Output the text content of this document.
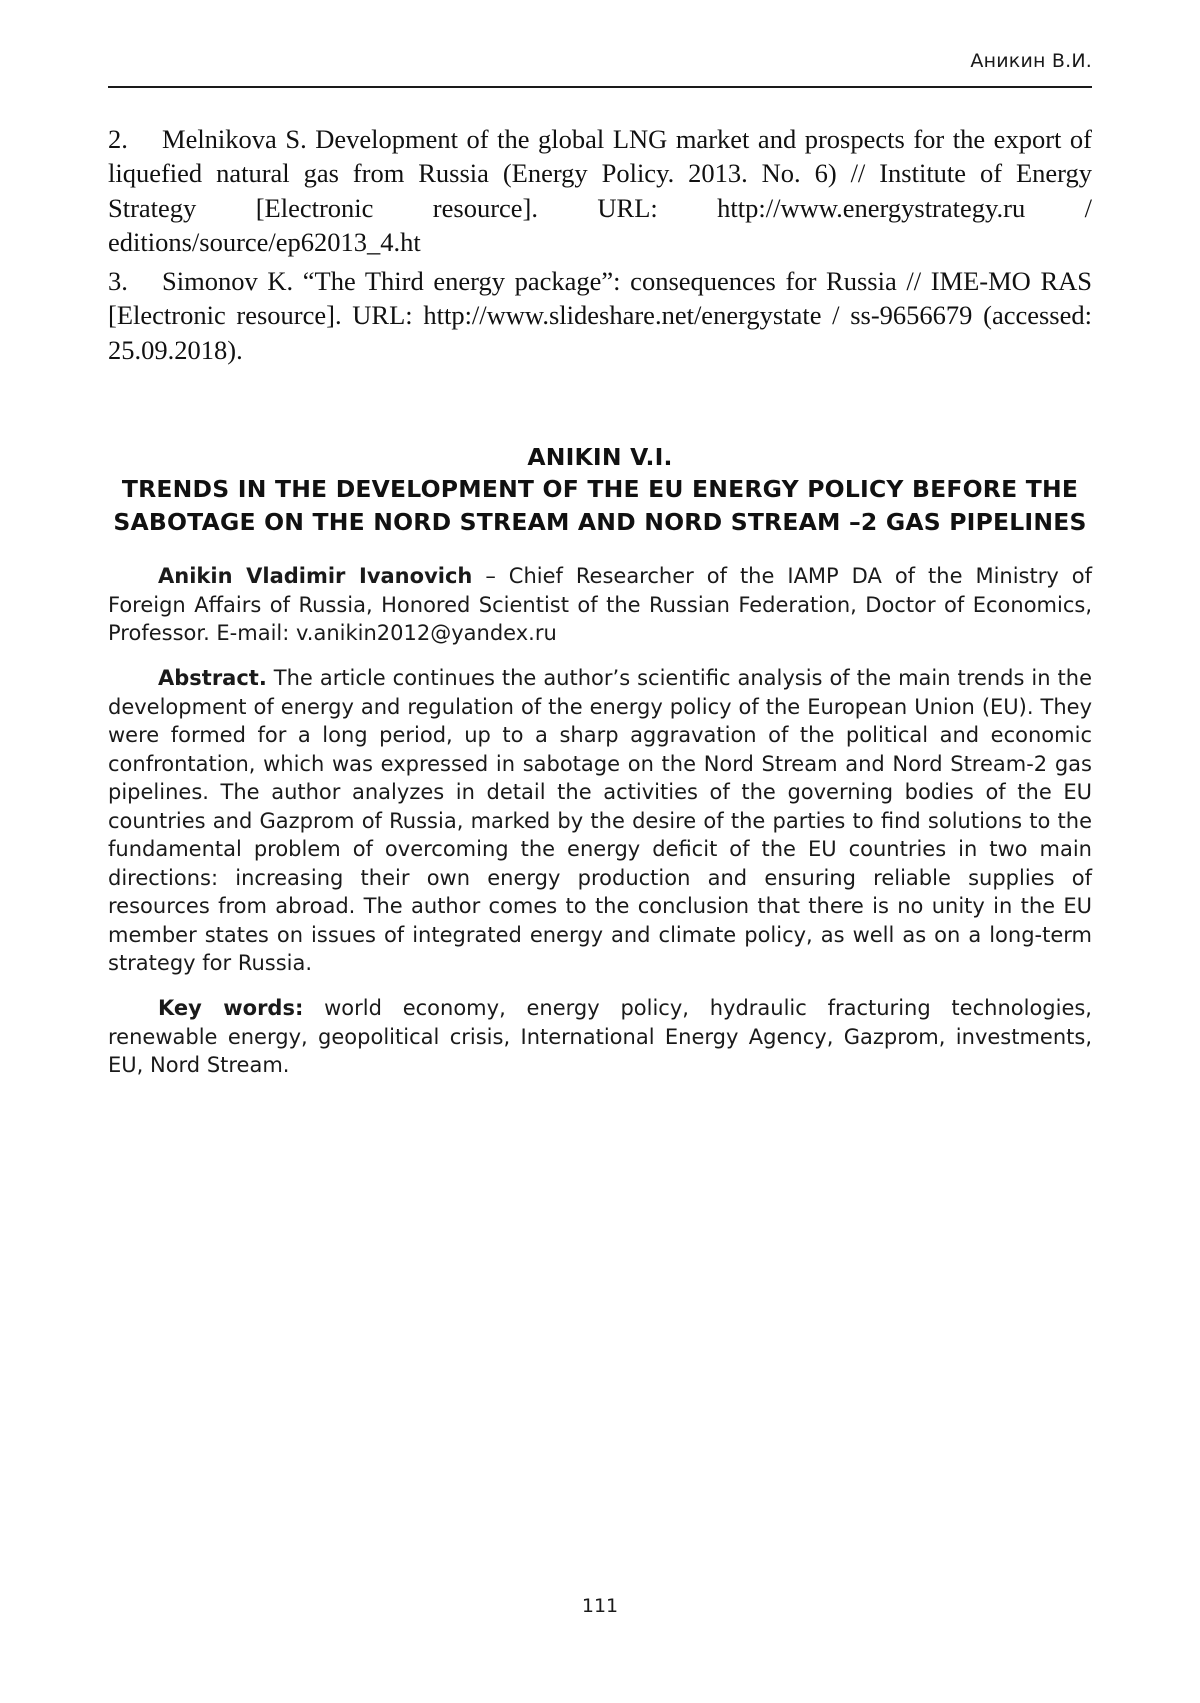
Аникин В.И.
2. Melnikova S. Development of the global LNG market and prospects for the export of liquefied natural gas from Russia (Energy Policy. 2013. No. 6) // Institute of Energy Strategy [Electronic resource]. URL: http://www.energystrategy.ru / editions/source/ep62013_4.ht
3. Simonov K. “The Third energy package”: consequences for Russia // IME-MO RAS [Electronic resource]. URL: http://www.slideshare.net/energystate / ss-9656679 (accessed: 25.09.2018).
ANIKIN V.I.
TRENDS IN THE DEVELOPMENT OF THE EU ENERGY POLICY BEFORE THE SABOTAGE ON THE NORD STREAM AND NORD STREAM –2 GAS PIPELINES

Anikin Vladimir Ivanovich – Chief Researcher of the IAMP DA of the Ministry of Foreign Affairs of Russia, Honored Scientist of the Russian Federation, Doctor of Economics, Professor. E-mail: v.anikin2012@yandex.ru

Abstract. The article continues the author’s scientific analysis of the main trends in the development of energy and regulation of the energy policy of the European Union (EU). They were formed for a long period, up to a sharp aggravation of the political and economic confrontation, which was expressed in sabotage on the Nord Stream and Nord Stream-2 gas pipelines. The author analyzes in detail the activities of the governing bodies of the EU countries and Gazprom of Russia, marked by the desire of the parties to find solutions to the fundamental problem of overcoming the energy deficit of the EU countries in two main directions: increasing their own energy production and ensuring reliable supplies of resources from abroad. The author comes to the conclusion that there is no unity in the EU member states on issues of integrated energy and climate policy, as well as on a long-term strategy for Russia.

Key words: world economy, energy policy, hydraulic fracturing technologies, renewable energy, geopolitical crisis, International Energy Agency, Gazprom, investments, EU, Nord Stream.

111
